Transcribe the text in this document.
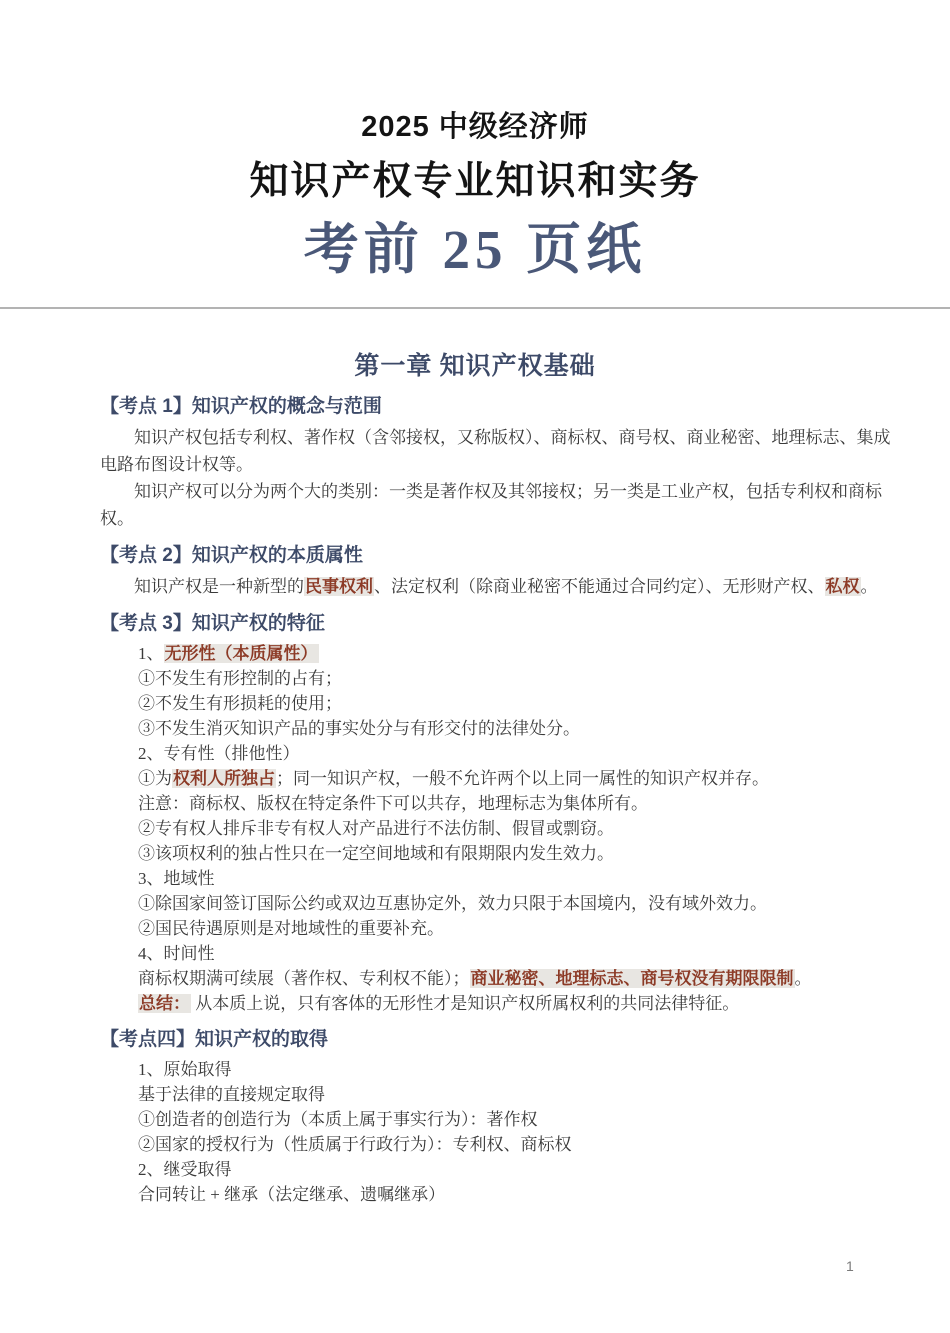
2025 中级经济师
知识产权专业知识和实务
考前 25 页纸
第一章 知识产权基础
【考点 1】知识产权的概念与范围
知识产权包括专利权、著作权（含邻接权，又称版权）、商标权、商号权、商业秘密、地理标志、集成电路布图设计权等。
知识产权可以分为两个大的类别：一类是著作权及其邻接权；另一类是工业产权，包括专利权和商标权。
【考点 2】知识产权的本质属性
知识产权是一种新型的民事权利、法定权利（除商业秘密不能通过合同约定）、无形财产权、私权。
【考点 3】知识产权的特征
1、无形性（本质属性）
①不发生有形控制的占有；
②不发生有形损耗的使用；
③不发生消灭知识产品的事实处分与有形交付的法律处分。
2、专有性（排他性）
①为权利人所独占；同一知识产权，一般不允许两个以上同一属性的知识产权并存。
注意：商标权、版权在特定条件下可以共存，地理标志为集体所有。
②专有权人排斥非专有权人对产品进行不法仿制、假冒或剽窃。
③该项权利的独占性只在一定空间地域和有限期限内发生效力。
3、地域性
①除国家间签订国际公约或双边互惠协定外，效力只限于本国境内，没有域外效力。
②国民待遇原则是对地域性的重要补充。
4、时间性
商标权期满可续展（著作权、专利权不能）；商业秘密、地理标志、商号权没有期限限制。
总结： 从本质上说，只有客体的无形性才是知识产权所属权利的共同法律特征。
【考点四】知识产权的取得
1、原始取得
基于法律的直接规定取得
①创造者的创造行为（本质上属于事实行为）：著作权
②国家的授权行为（性质属于行政行为）：专利权、商标权
2、继受取得
合同转让 + 继承（法定继承、遗嘱继承）
1
